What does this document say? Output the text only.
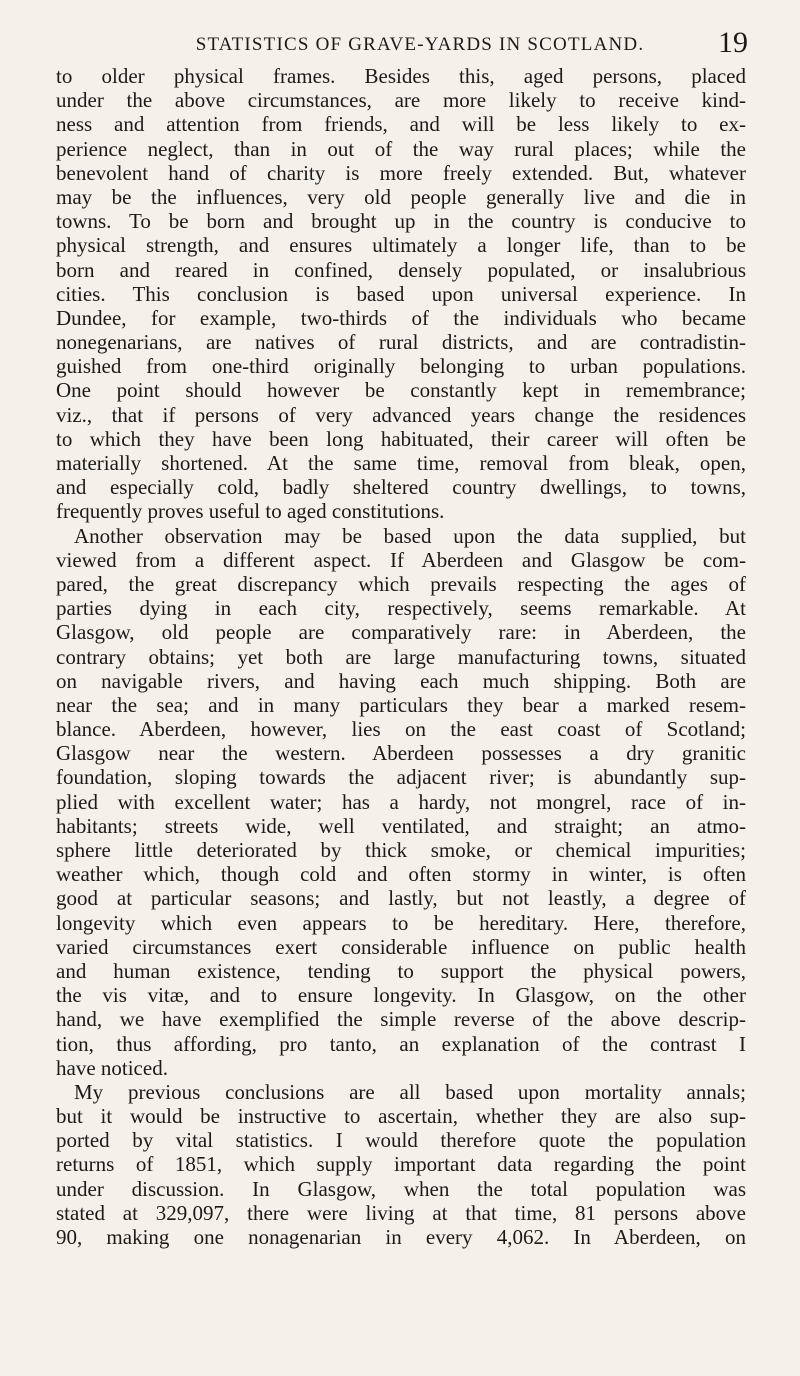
STATISTICS OF GRAVE-YARDS IN SCOTLAND.	19
to older physical frames. Besides this, aged persons, placed
under the above circumstances, are more likely to receive kind-
ness and attention from friends, and will be less likely to ex-
perience neglect, than in out of the way rural places; while the
benevolent hand of charity is more freely extended. But, whatever
may be the influences, very old people generally live and die in
towns. To be born and brought up in the country is conducive to
physical strength, and ensures ultimately a longer life, than to be
born and reared in confined, densely populated, or insalubrious
cities. This conclusion is based upon universal experience. In
Dundee, for example, two-thirds of the individuals who became
nonegenarians, are natives of rural districts, and are contradistin-
guished from one-third originally belonging to urban populations.
One point should however be constantly kept in remembrance;
viz., that if persons of very advanced years change the residences
to which they have been long habituated, their career will often be
materially shortened. At the same time, removal from bleak, open,
and especially cold, badly sheltered country dwellings, to towns,
frequently proves useful to aged constitutions.
Another observation may be based upon the data supplied, but
viewed from a different aspect. If Aberdeen and Glasgow be com-
pared, the great discrepancy which prevails respecting the ages of
parties dying in each city, respectively, seems remarkable. At
Glasgow, old people are comparatively rare: in Aberdeen, the
contrary obtains; yet both are large manufacturing towns, situated
on navigable rivers, and having each much shipping. Both are
near the sea; and in many particulars they bear a marked resem-
blance. Aberdeen, however, lies on the east coast of Scotland;
Glasgow near the western. Aberdeen possesses a dry granitic
foundation, sloping towards the adjacent river; is abundantly sup-
plied with excellent water; has a hardy, not mongrel, race of in-
habitants; streets wide, well ventilated, and straight; an atmo-
sphere little deteriorated by thick smoke, or chemical impurities;
weather which, though cold and often stormy in winter, is often
good at particular seasons; and lastly, but not leastly, a degree of
longevity which even appears to be hereditary. Here, therefore,
varied circumstances exert considerable influence on public health
and human existence, tending to support the physical powers,
the vis vitæ, and to ensure longevity. In Glasgow, on the other
hand, we have exemplified the simple reverse of the above descrip-
tion, thus affording, pro tanto, an explanation of the contrast I
have noticed.
My previous conclusions are all based upon mortality annals;
but it would be instructive to ascertain, whether they are also sup-
ported by vital statistics. I would therefore quote the population
returns of 1851, which supply important data regarding the point
under discussion. In Glasgow, when the total population was
stated at 329,097, there were living at that time, 81 persons above
90, making one nonagenarian in every 4,062. In Aberdeen, on
